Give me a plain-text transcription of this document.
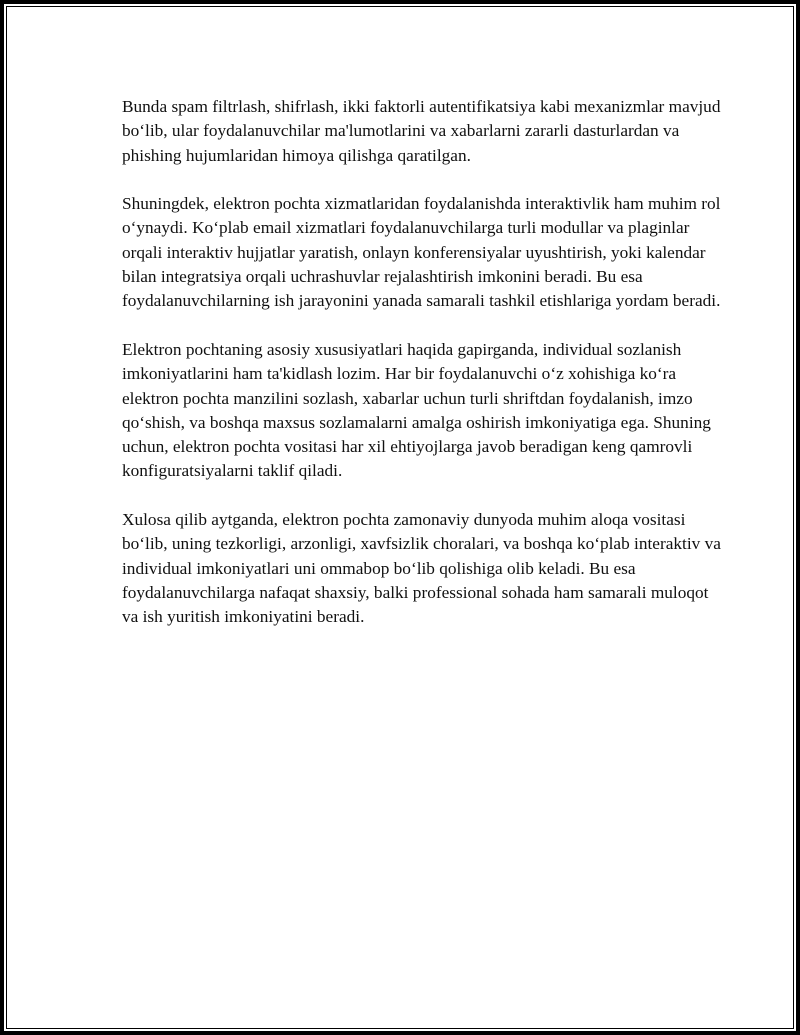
Bunda spam filtrlash, shifrlash, ikki faktorli autentifikatsiya kabi mexanizmlar mavjud bo‘lib, ular foydalanuvchilar ma'lumotlarini va xabarlarni zararli dasturlardan va phishing hujumlaridan himoya qilishga qaratilgan.

Shuningdek, elektron pochta xizmatlaridan foydalanishda interaktivlik ham muhim rol o‘ynaydi. Ko‘plab email xizmatlari foydalanuvchilarga turli modullar va plaginlar orqali interaktiv hujjatlar yaratish, onlayn konferensiyalar uyushtirish, yoki kalendar bilan integratsiya orqali uchrashuvlar rejalashtirish imkonini beradi. Bu esa foydalanuvchilarning ish jarayonini yanada samarali tashkil etishlariga yordam beradi.

Elektron pochtaning asosiy xususiyatlari haqida gapirganda, individual sozlanish imkoniyatlarini ham ta'kidlash lozim. Har bir foydalanuvchi o‘z xohishiga ko‘ra elektron pochta manzilini sozlash, xabarlar uchun turli shriftdan foydalanish, imzo qo‘shish, va boshqa maxsus sozlamalarni amalga oshirish imkoniyatiga ega. Shuning uchun, elektron pochta vositasi har xil ehtiyojlarga javob beradigan keng qamrovli konfiguratsiyalarni taklif qiladi.

Xulosa qilib aytganda, elektron pochta zamonaviy dunyoda muhim aloqa vositasi bo‘lib, uning tezkorligi, arzonligi, xavfsizlik choralari, va boshqa ko‘plab interaktiv va individual imkoniyatlari uni ommabop bo‘lib qolishiga olib keladi. Bu esa foydalanuvchilarga nafaqat shaxsiy, balki professional sohada ham samarali muloqot va ish yuritish imkoniyatini beradi.
